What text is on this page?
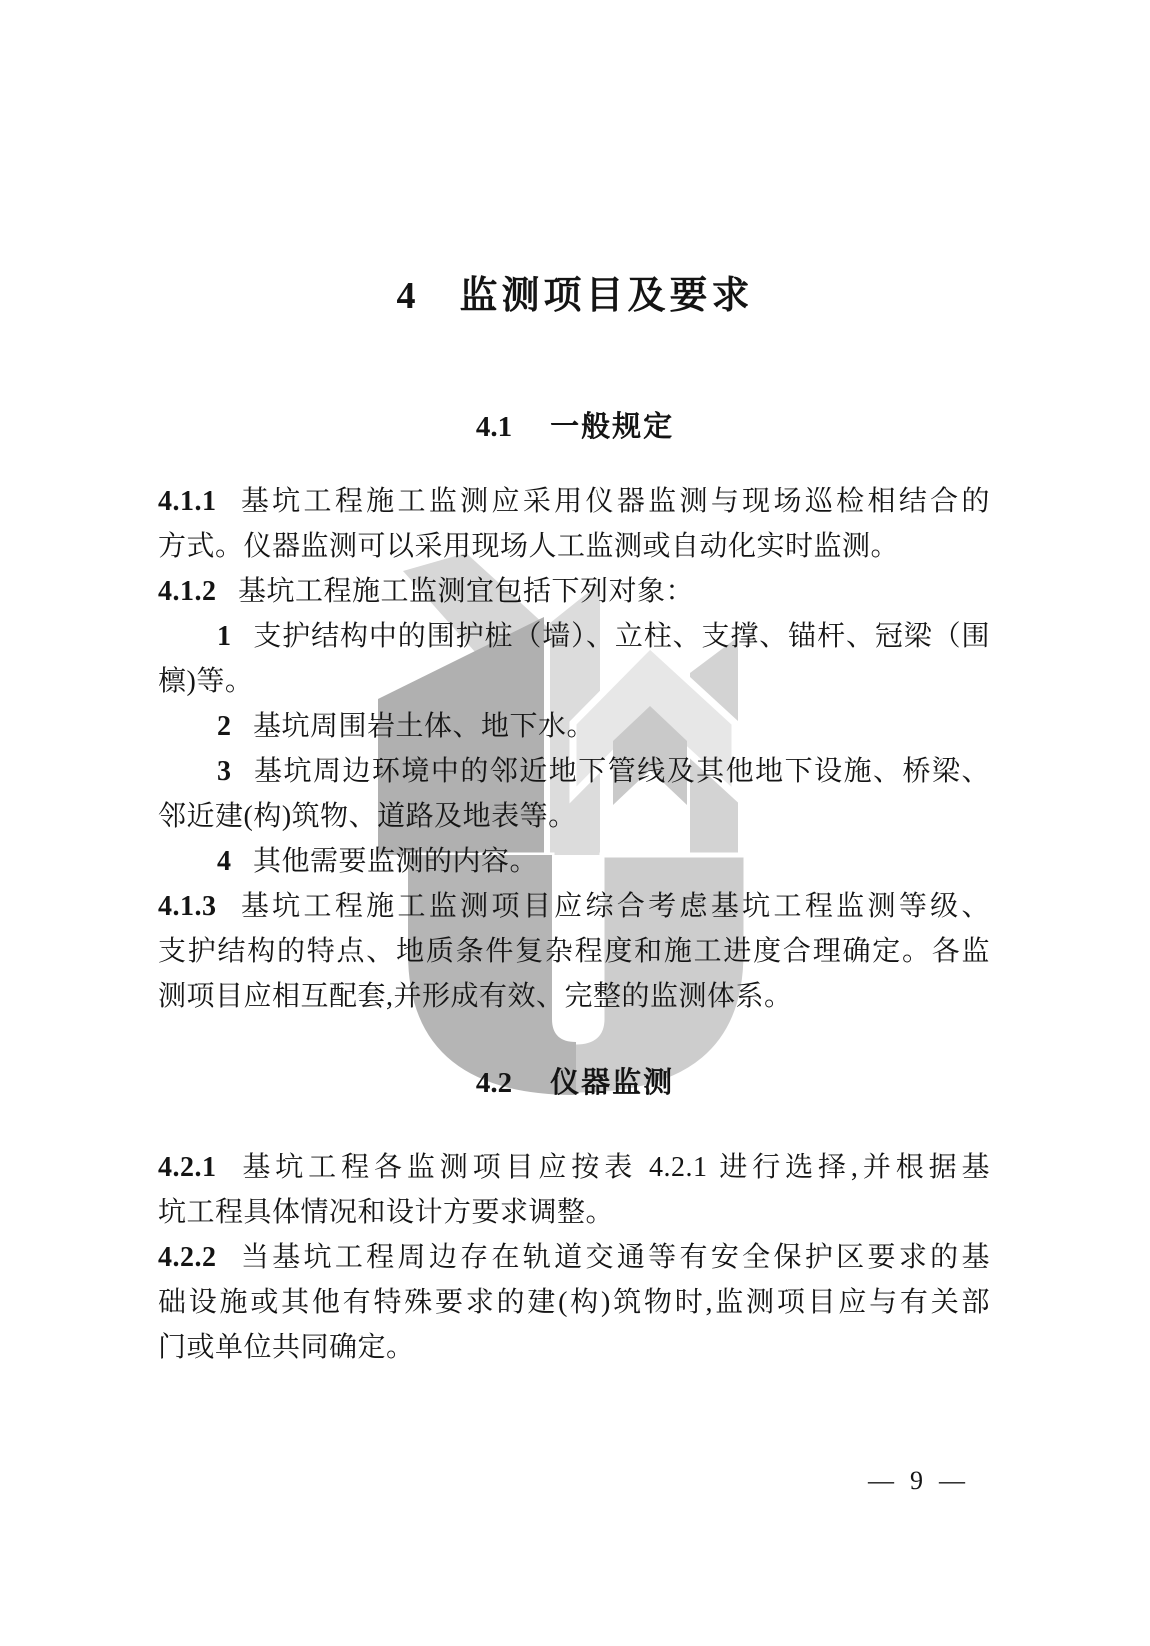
4 监测项目及要求
4.1 一般规定
4.1.1 基坑工程施工监测应采用仪器监测与现场巡检相结合的
方式。仪器监测可以采用现场人工监测或自动化实时监测。
4.1.2 基坑工程施工监测宜包括下列对象：
1 支护结构中的围护桩（墙）、立柱、支撑、锚杆、冠梁（围
檩)等。
2 基坑周围岩土体、地下水。
3 基坑周边环境中的邻近地下管线及其他地下设施、桥梁、
邻近建(构)筑物、道路及地表等。
4 其他需要监测的内容。
4.1.3 基坑工程施工监测项目应综合考虑基坑工程监测等级、
支护结构的特点、地质条件复杂程度和施工进度合理确定。各监
测项目应相互配套,并形成有效、完整的监测体系。
4.2 仪器监测
4.2.1 基坑工程各监测项目应按表 4.2.1 进行选择,并根据基
坑工程具体情况和设计方要求调整。
4.2.2 当基坑工程周边存在轨道交通等有安全保护区要求的基
础设施或其他有特殊要求的建(构)筑物时,监测项目应与有关部
门或单位共同确定。
— 9 —
